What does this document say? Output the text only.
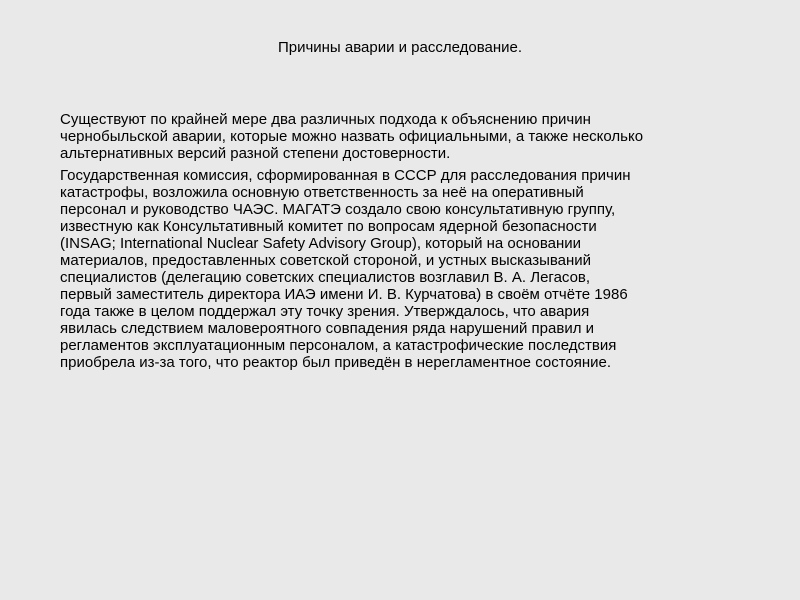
Причины аварии и расследование.

Существуют по крайней мере два различных подхода к объяснению причин
чернобыльской аварии, которые можно назвать официальными, а также несколько
альтернативных версий разной степени достоверности.

Государственная комиссия, сформированная в СССР для расследования причин
катастрофы, возложила основную ответственность за неё на оперативный
персонал и руководство ЧАЭС. МАГАТЭ создало свою консультативную группу,
известную как Консультативный комитет по вопросам ядерной безопасности
(INSAG; International Nuclear Safety Advisory Group), который на основании
материалов, предоставленных советской стороной, и устных высказываний
специалистов (делегацию советских специалистов возглавил В. А. Легасов,
первый заместитель директора ИАЭ имени И. В. Курчатова) в своём отчёте 1986
года также в целом поддержал эту точку зрения. Утверждалось, что авария
явилась следствием маловероятного совпадения ряда нарушений правил и
регламентов эксплуатационным персоналом, а катастрофические последствия
приобрела из-за того, что реактор был приведён в нерегламентное состояние.
